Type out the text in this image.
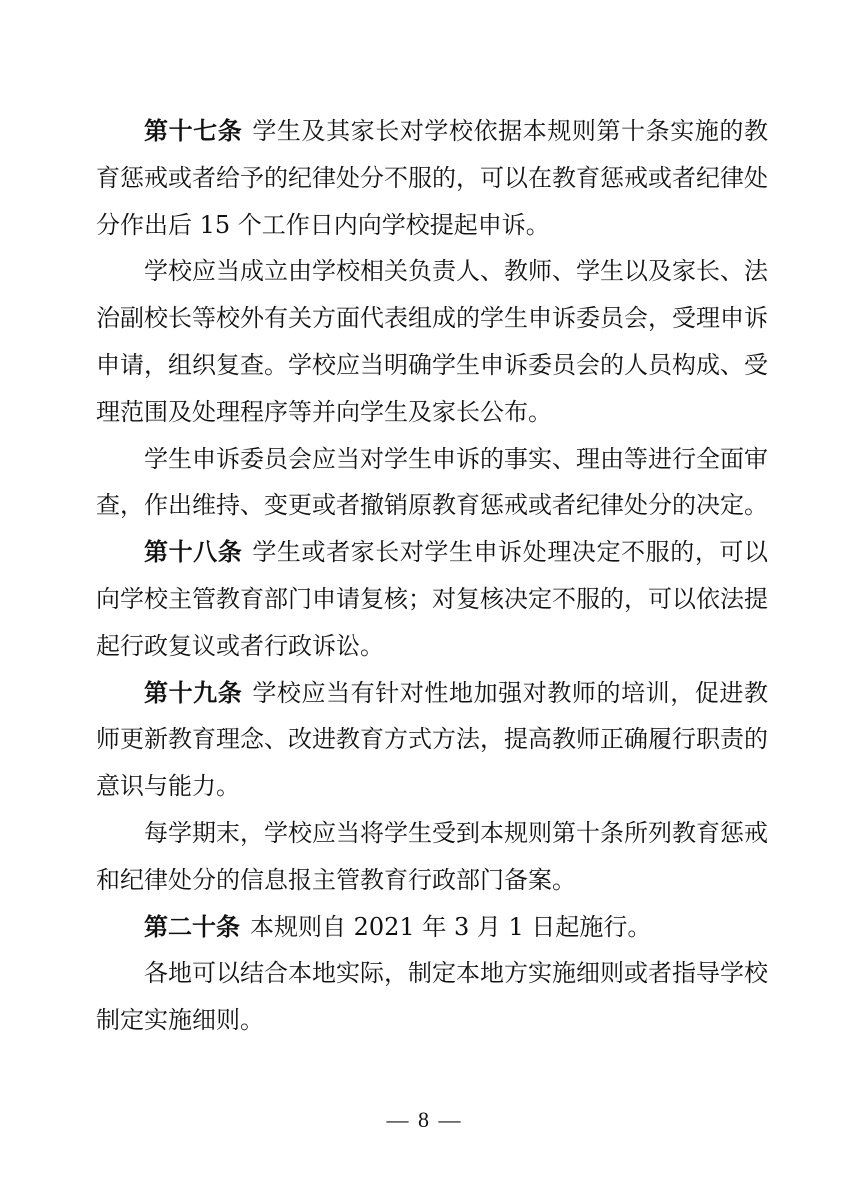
第十七条 学生及其家长对学校依据本规则第十条实施的教育惩戒或者给予的纪律处分不服的，可以在教育惩戒或者纪律处分作出后 15 个工作日内向学校提起申诉。

学校应当成立由学校相关负责人、教师、学生以及家长、法治副校长等校外有关方面代表组成的学生申诉委员会，受理申诉申请，组织复查。学校应当明确学生申诉委员会的人员构成、受理范围及处理程序等并向学生及家长公布。

学生申诉委员会应当对学生申诉的事实、理由等进行全面审查，作出维持、变更或者撤销原教育惩戒或者纪律处分的决定。

第十八条 学生或者家长对学生申诉处理决定不服的，可以向学校主管教育部门申请复核；对复核决定不服的，可以依法提起行政复议或者行政诉讼。

第十九条 学校应当有针对性地加强对教师的培训，促进教师更新教育理念、改进教育方式方法，提高教师正确履行职责的意识与能力。

每学期末，学校应当将学生受到本规则第十条所列教育惩戒和纪律处分的信息报主管教育行政部门备案。

第二十条 本规则自 2021 年 3 月 1 日起施行。

各地可以结合本地实际，制定本地方实施细则或者指导学校制定实施细则。

— 8 —
